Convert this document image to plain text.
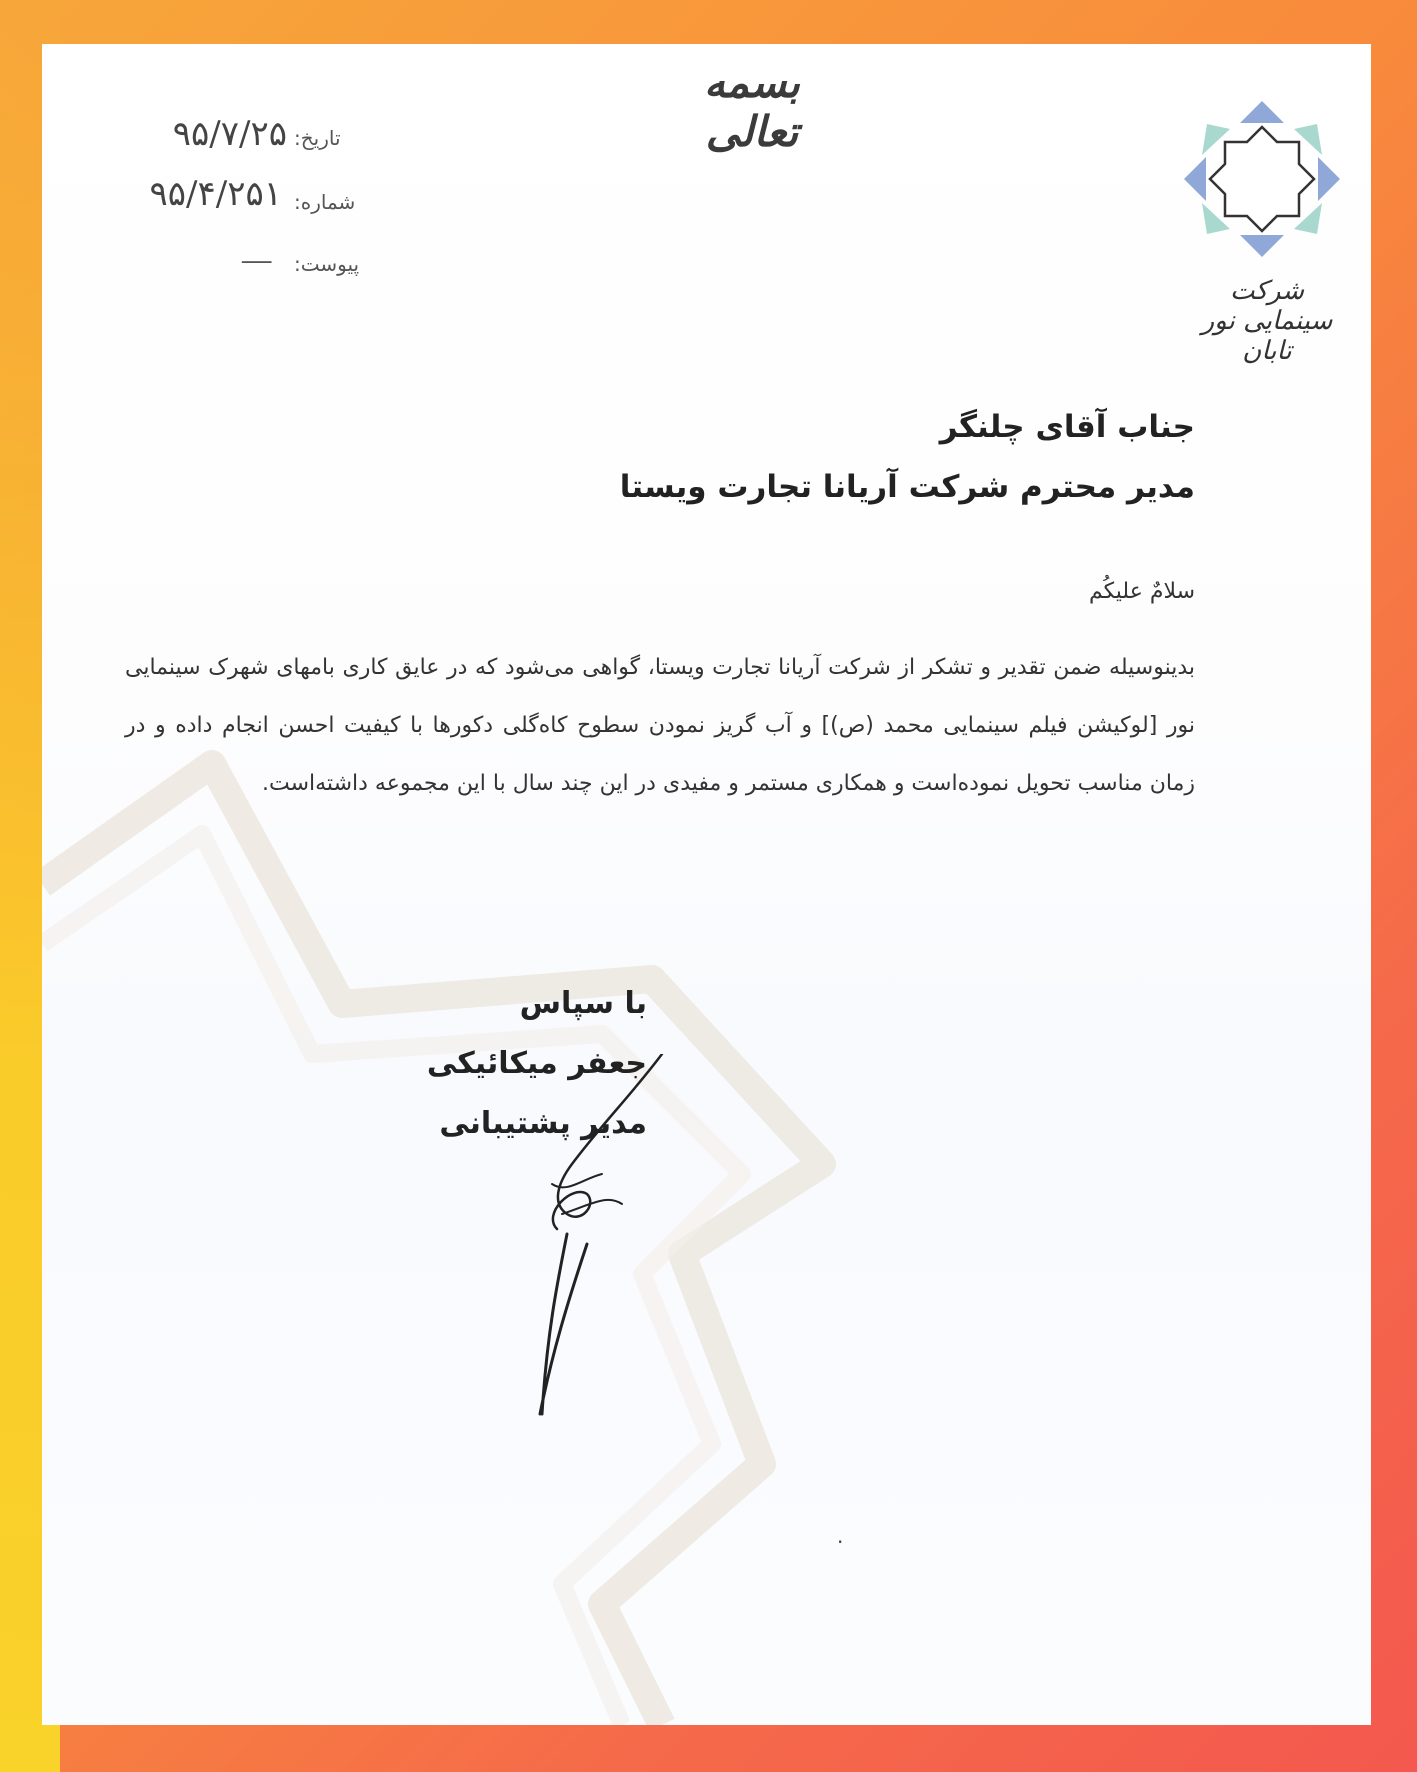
بسمه تعالی
تاریخ:
۹۵/۷/۲۵
شماره:
۹۵/۴/۲۵۱
پیوست:
ـــــ
شرکت سینمایی نور تابان
جناب آقای چلنگر
مدیر محترم شرکت آریانا تجارت ویستا
سلامٌ علیکُم
بدینوسیله ضمن تقدیر و تشکر از شرکت آریانا تجارت ویستا، گواهی می‌شود که در عایق کاری بامهای شهرک سینمایی نور [لوکیشن فیلم سینمایی محمد (ص)] و آب گریز نمودن سطوح کاه‌گلی دکورها با کیفیت احسن انجام داده و در زمان مناسب تحویل نموده‌است و همکاری مستمر و مفیدی در این چند سال با این مجموعه داشته‌است.
با سپاس
جعفر میکائیکی
مدیر پشتیبانی
.
